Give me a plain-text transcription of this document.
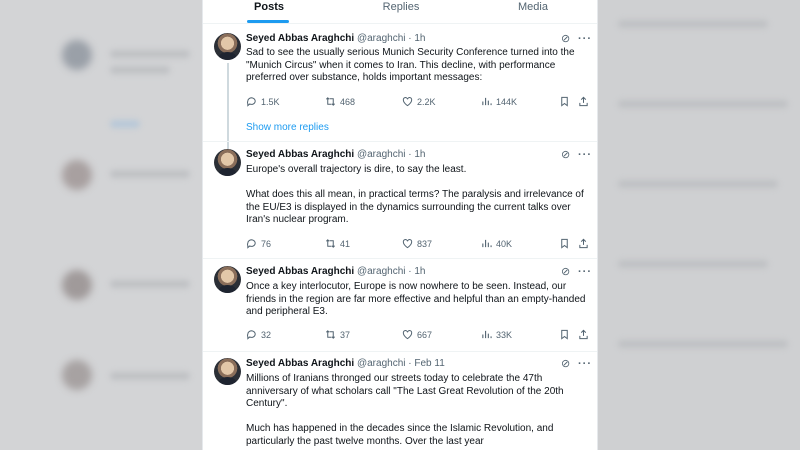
Posts	Replies	Media
Seyed Abbas Araghchi @araghchi · 1h	⊘ ···
Sad to see the usually serious Munich Security Conference turned into the "Munich Circus" when it comes to Iran. This decline, with performance preferred over substance, holds important messages:
1.5K	468	2.2K	144K
Show more replies
Seyed Abbas Araghchi @araghchi · 1h	⊘ ···
Europe's overall trajectory is dire, to say the least.

What does this all mean, in practical terms? The paralysis and irrelevance of the EU/E3 is displayed in the dynamics surrounding the current talks over Iran's nuclear program.
76	41	837	40K
Seyed Abbas Araghchi @araghchi · 1h	⊘ ···
Once a key interlocutor, Europe is now nowhere to be seen. Instead, our friends in the region are far more effective and helpful than an empty-handed and peripheral E3.
32	37	667	33K
Seyed Abbas Araghchi @araghchi · Feb 11	⊘ ···
Millions of Iranians thronged our streets today to celebrate the 47th anniversary of what scholars call "The Last Great Revolution of the 20th Century".

Much has happened in the decades since the Islamic Revolution, and particularly the past twelve months. Over the last year
